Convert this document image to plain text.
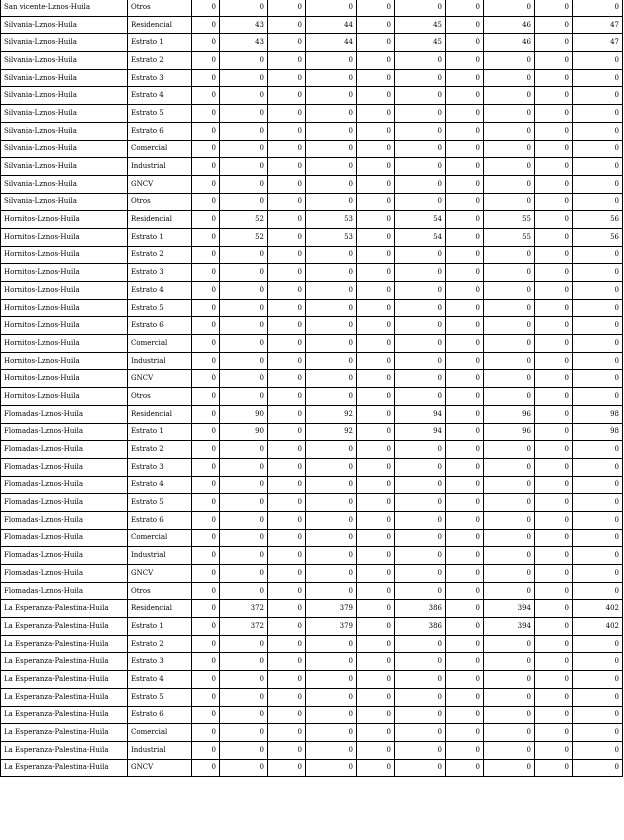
San vicente-Lznos-Huila	Otros	0	0	0	0	0	0	0	0	0	0
Silvania-Lznos-Huila	Residencial	0	43	0	44	0	45	0	46	0	47
Silvania-Lznos-Huila	Estrato 1	0	43	0	44	0	45	0	46	0	47
Silvania-Lznos-Huila	Estrato 2	0	0	0	0	0	0	0	0	0	0
Silvania-Lznos-Huila	Estrato 3	0	0	0	0	0	0	0	0	0	0
Silvania-Lznos-Huila	Estrato 4	0	0	0	0	0	0	0	0	0	0
Silvania-Lznos-Huila	Estrato 5	0	0	0	0	0	0	0	0	0	0
Silvania-Lznos-Huila	Estrato 6	0	0	0	0	0	0	0	0	0	0
Silvania-Lznos-Huila	Comercial	0	0	0	0	0	0	0	0	0	0
Silvania-Lznos-Huila	Industrial	0	0	0	0	0	0	0	0	0	0
Silvania-Lznos-Huila	GNCV	0	0	0	0	0	0	0	0	0	0
Silvania-Lznos-Huila	Otros	0	0	0	0	0	0	0	0	0	0
Hornitos-Lznos-Huila	Residencial	0	52	0	53	0	54	0	55	0	56
Hornitos-Lznos-Huila	Estrato 1	0	52	0	53	0	54	0	55	0	56
Hornitos-Lznos-Huila	Estrato 2	0	0	0	0	0	0	0	0	0	0
Hornitos-Lznos-Huila	Estrato 3	0	0	0	0	0	0	0	0	0	0
Hornitos-Lznos-Huila	Estrato 4	0	0	0	0	0	0	0	0	0	0
Hornitos-Lznos-Huila	Estrato 5	0	0	0	0	0	0	0	0	0	0
Hornitos-Lznos-Huila	Estrato 6	0	0	0	0	0	0	0	0	0	0
Hornitos-Lznos-Huila	Comercial	0	0	0	0	0	0	0	0	0	0
Hornitos-Lznos-Huila	Industrial	0	0	0	0	0	0	0	0	0	0
Hornitos-Lznos-Huila	GNCV	0	0	0	0	0	0	0	0	0	0
Hornitos-Lznos-Huila	Otros	0	0	0	0	0	0	0	0	0	0
Flomadas-Lznos-Huila	Residencial	0	90	0	92	0	94	0	96	0	98
Flomadas-Lznos-Huila	Estrato 1	0	90	0	92	0	94	0	96	0	98
Flomadas-Lznos-Huila	Estrato 2	0	0	0	0	0	0	0	0	0	0
Flomadas-Lznos-Huila	Estrato 3	0	0	0	0	0	0	0	0	0	0
Flomadas-Lznos-Huila	Estrato 4	0	0	0	0	0	0	0	0	0	0
Flomadas-Lznos-Huila	Estrato 5	0	0	0	0	0	0	0	0	0	0
Flomadas-Lznos-Huila	Estrato 6	0	0	0	0	0	0	0	0	0	0
Flomadas-Lznos-Huila	Comercial	0	0	0	0	0	0	0	0	0	0
Flomadas-Lznos-Huila	Industrial	0	0	0	0	0	0	0	0	0	0
Flomadas-Lznos-Huila	GNCV	0	0	0	0	0	0	0	0	0	0
Flomadas-Lznos-Huila	Otros	0	0	0	0	0	0	0	0	0	0
La Esperanza-Palestina-Huila	Residencial	0	372	0	379	0	386	0	394	0	402
La Esperanza-Palestina-Huila	Estrato 1	0	372	0	379	0	386	0	394	0	402
La Esperanza-Palestina-Huila	Estrato 2	0	0	0	0	0	0	0	0	0	0
La Esperanza-Palestina-Huila	Estrato 3	0	0	0	0	0	0	0	0	0	0
La Esperanza-Palestina-Huila	Estrato 4	0	0	0	0	0	0	0	0	0	0
La Esperanza-Palestina-Huila	Estrato 5	0	0	0	0	0	0	0	0	0	0
La Esperanza-Palestina-Huila	Estrato 6	0	0	0	0	0	0	0	0	0	0
La Esperanza-Palestina-Huila	Comercial	0	0	0	0	0	0	0	0	0	0
La Esperanza-Palestina-Huila	Industrial	0	0	0	0	0	0	0	0	0	0
La Esperanza-Palestina-Huila	GNCV	0	0	0	0	0	0	0	0	0	0
